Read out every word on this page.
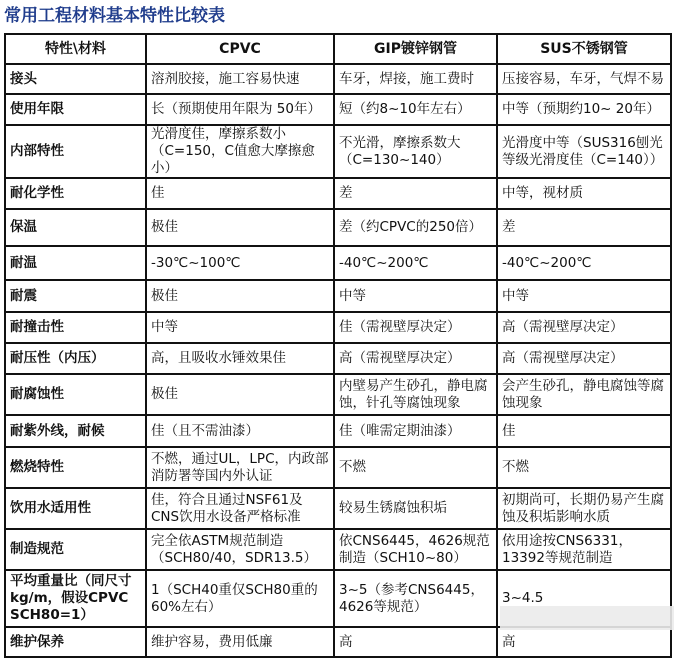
常用工程材料基本特性比较表
特性\材料	CPVC	GIP镀锌钢管	SUS不锈钢管
接头	溶剂胶接，施工容易快速	车牙，焊接，施工费时	压接容易，车牙，气焊不易
使用年限	长（预期使用年限为 50年）	短（约8~10年左右）	中等（预期约10~ 20年）
内部特性	光滑度佳，摩擦系数小（C=150，C值愈大摩擦愈小）	不光滑，摩擦系数大（C=130~140）	光滑度中等（SUS316刨光等级光滑度佳（C=140））
耐化学性	佳	差	中等，视材质
保温	极佳	差（约CPVC的250倍）	差
耐温	-30℃~100℃	-40℃~200℃	-40℃~200℃
耐震	极佳	中等	中等
耐撞击性	中等	佳（需视壁厚决定）	高（需视壁厚决定）
耐压性（内压）	高，且吸收水锤效果佳	高（需视壁厚决定）	高（需视壁厚决定）
耐腐蚀性	极佳	内壁易产生砂孔，静电腐蚀，针孔等腐蚀现象	会产生砂孔，静电腐蚀等腐蚀现象
耐紫外线，耐候	佳（且不需油漆）	佳（唯需定期油漆）	佳
燃烧特性	不燃，通过UL，LPC，内政部消防署等国内外认证	不燃	不燃
饮用水适用性	佳，符合且通过NSF61及CNS饮用水设备严格标准	较易生锈腐蚀积垢	初期尚可，长期仍易产生腐蚀及积垢影响水质
制造规范	完全依ASTM规范制造（SCH80/40，SDR13.5）	依CNS6445，4626规范制造（SCH10~80）	依用途按CNS6331，13392等规范制造
平均重量比（同尺寸kg/m，假设CPVC SCH80=1）	1（SCH40重仅SCH80重的60%左右）	3~5（参考CNS6445，4626等规范）	3~4.5
维护保养	维护容易，费用低廉	高	高
